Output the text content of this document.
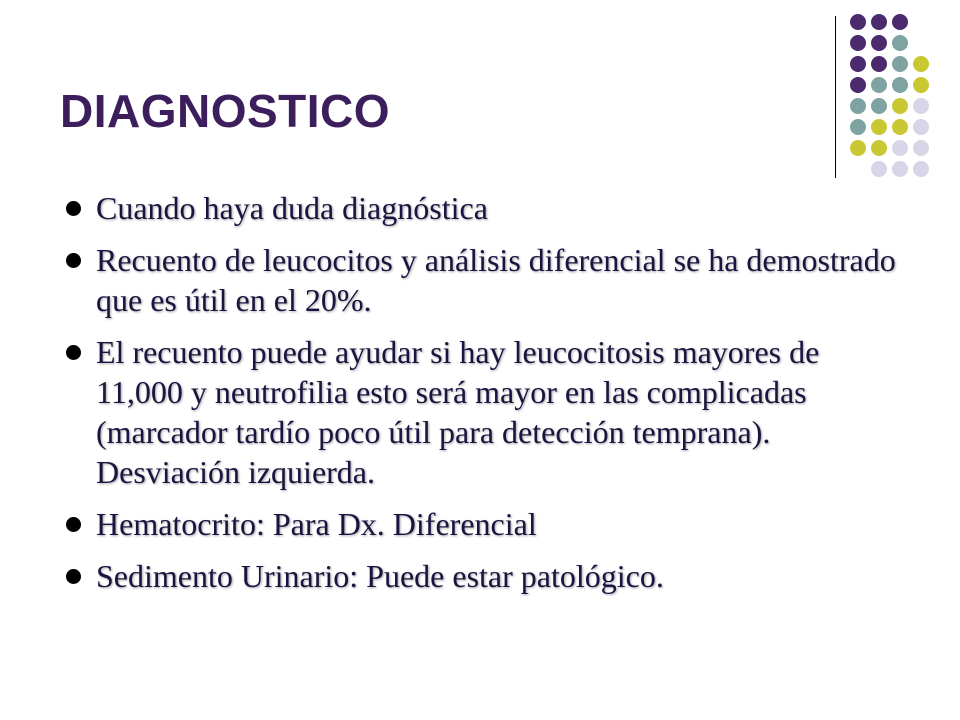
DIAGNOSTICO
Cuando haya duda diagnóstica
Recuento de leucocitos y análisis diferencial se ha demostrado que es útil en el 20%.
El recuento puede ayudar si hay leucocitosis mayores de 11,000 y neutrofilia esto será mayor en las complicadas (marcador tardío poco útil para detección temprana). Desviación izquierda.
Hematocrito: Para Dx. Diferencial
Sedimento Urinario: Puede estar patológico.
